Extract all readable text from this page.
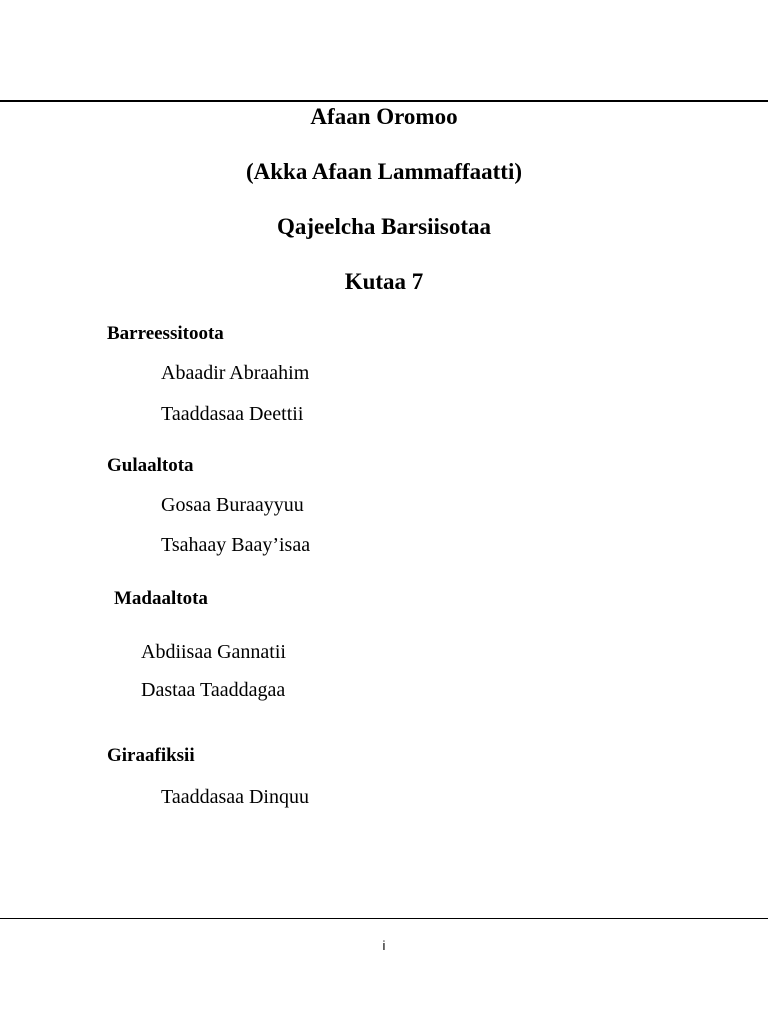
Afaan Oromoo
(Akka Afaan Lammaffaatti)
Qajeelcha Barsiisotaa
Kutaa 7
Barreessitoota
Abaadir Abraahim
Taaddasaa Deettii
Gulaaltota
Gosaa Buraayyuu
Tsahaay Baay’isaa
Madaaltota
Abdiisaa Gannatii
Dastaa Taaddagaa
Giraafiksii
Taaddasaa Dinquu
i
